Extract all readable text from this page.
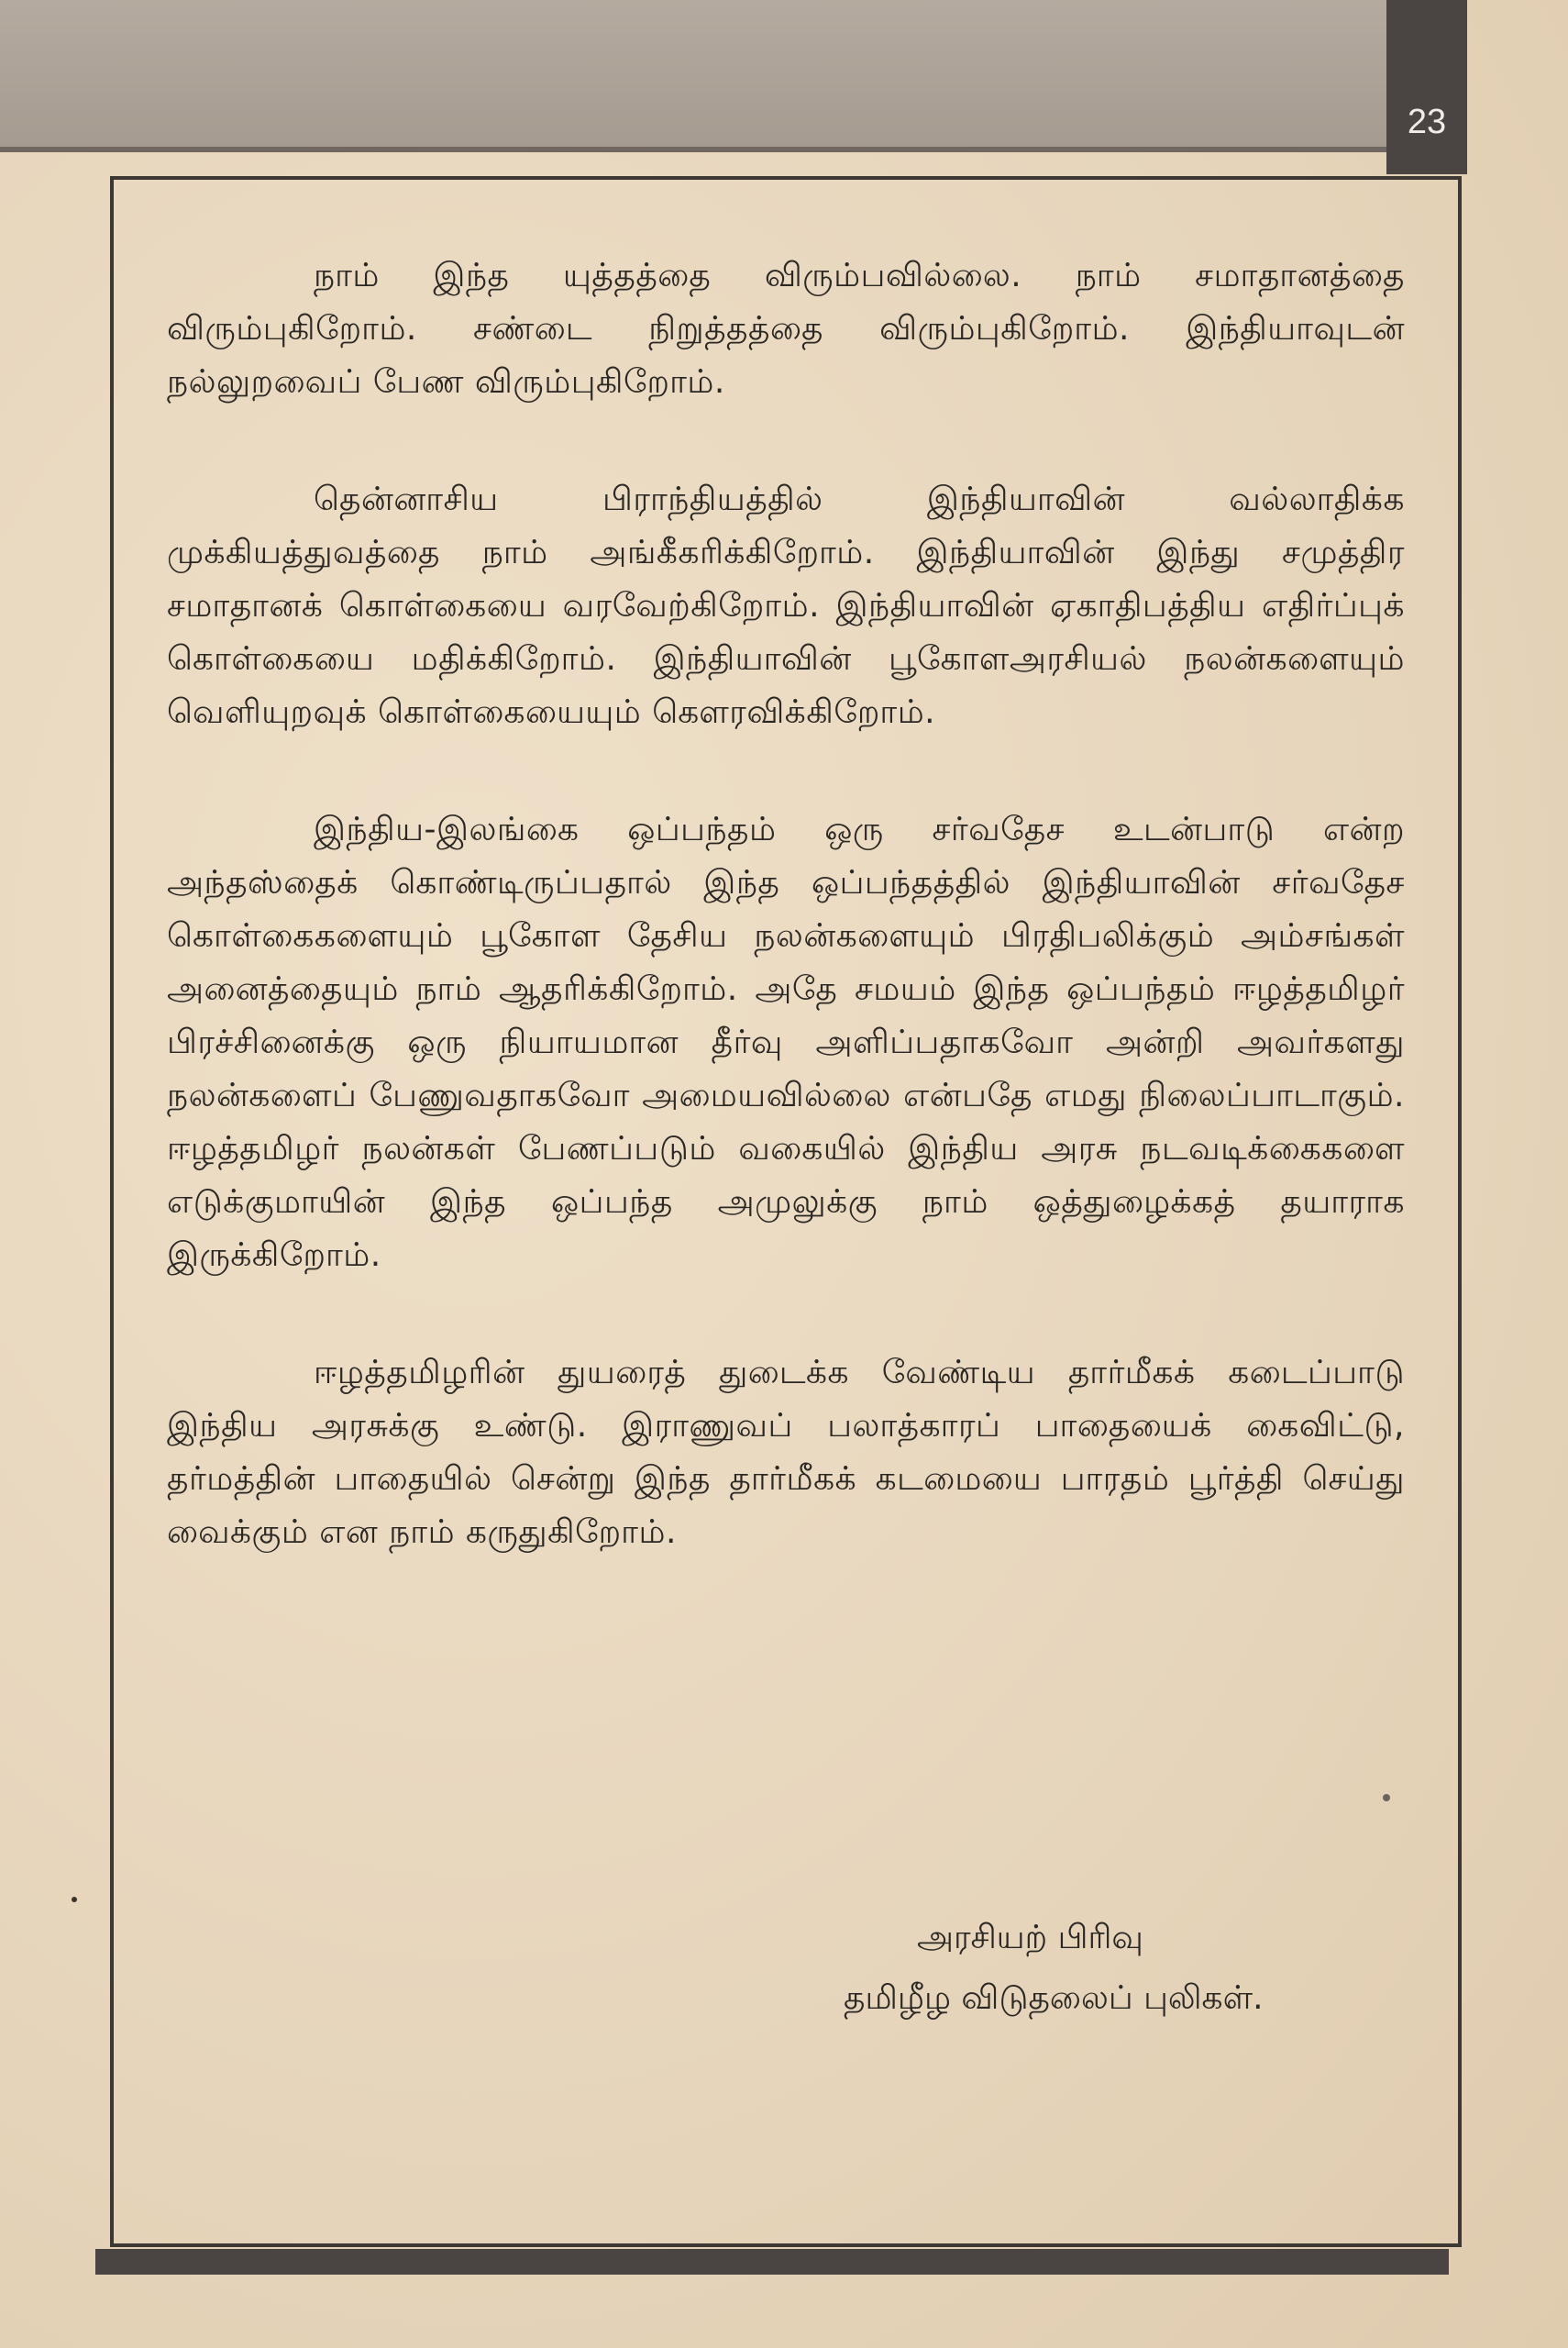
23

நாம் இந்த யுத்தத்தை விரும்பவில்லை. நாம் சமாதானத்தை விரும்புகிறோம். சண்டை நிறுத்தத்தை விரும்புகிறோம். இந்தியாவுடன் நல்லுறவைப் பேண விரும்புகிறோம்.

தென்னாசிய பிராந்தியத்தில் இந்தியாவின் வல்லாதிக்க முக்கியத்துவத்தை நாம் அங்கீகரிக்கிறோம். இந்தியாவின் இந்து சமுத்திர சமாதானக் கொள்கையை வரவேற்கிறோம். இந்தியாவின் ஏகாதிபத்திய எதிர்ப்புக் கொள்கையை மதிக்கிறோம். இந்தியாவின் பூகோளஅரசியல் நலன்களையும் வெளியுறவுக் கொள்கையையும் கௌரவிக்கிறோம்.

இந்திய-இலங்கை ஒப்பந்தம் ஒரு சர்வதேச உடன்பாடு என்ற அந்தஸ்தைக் கொண்டிருப்பதால் இந்த ஒப்பந்தத்தில் இந்தியாவின் சர்வதேச கொள்கைகளையும் பூகோள தேசிய நலன்களையும் பிரதிபலிக்கும் அம்சங்கள் அனைத்தையும் நாம் ஆதரிக்கிறோம். அதே சமயம் இந்த ஒப்பந்தம் ஈழத்தமிழர் பிரச்சினைக்கு ஒரு நியாயமான தீர்வு அளிப்பதாகவோ அன்றி அவர்களது நலன்களைப் பேணுவதாகவோ அமையவில்லை என்பதே எமது நிலைப்பாடாகும். ஈழத்தமிழர் நலன்கள் பேணப்படும் வகையில் இந்திய அரசு நடவடிக்கைகளை எடுக்குமாயின் இந்த ஒப்பந்த அமுலுக்கு நாம் ஒத்துழைக்கத் தயாராக இருக்கிறோம்.

ஈழத்தமிழரின் துயரைத் துடைக்க வேண்டிய தார்மீகக் கடைப்பாடு இந்திய அரசுக்கு உண்டு. இராணுவப் பலாத்காரப் பாதையைக் கைவிட்டு, தர்மத்தின் பாதையில் சென்று இந்த தார்மீகக் கடமையை பாரதம் பூர்த்தி செய்து வைக்கும் என நாம் கருதுகிறோம்.

அரசியற் பிரிவு
தமிழீழ விடுதலைப் புலிகள்.
